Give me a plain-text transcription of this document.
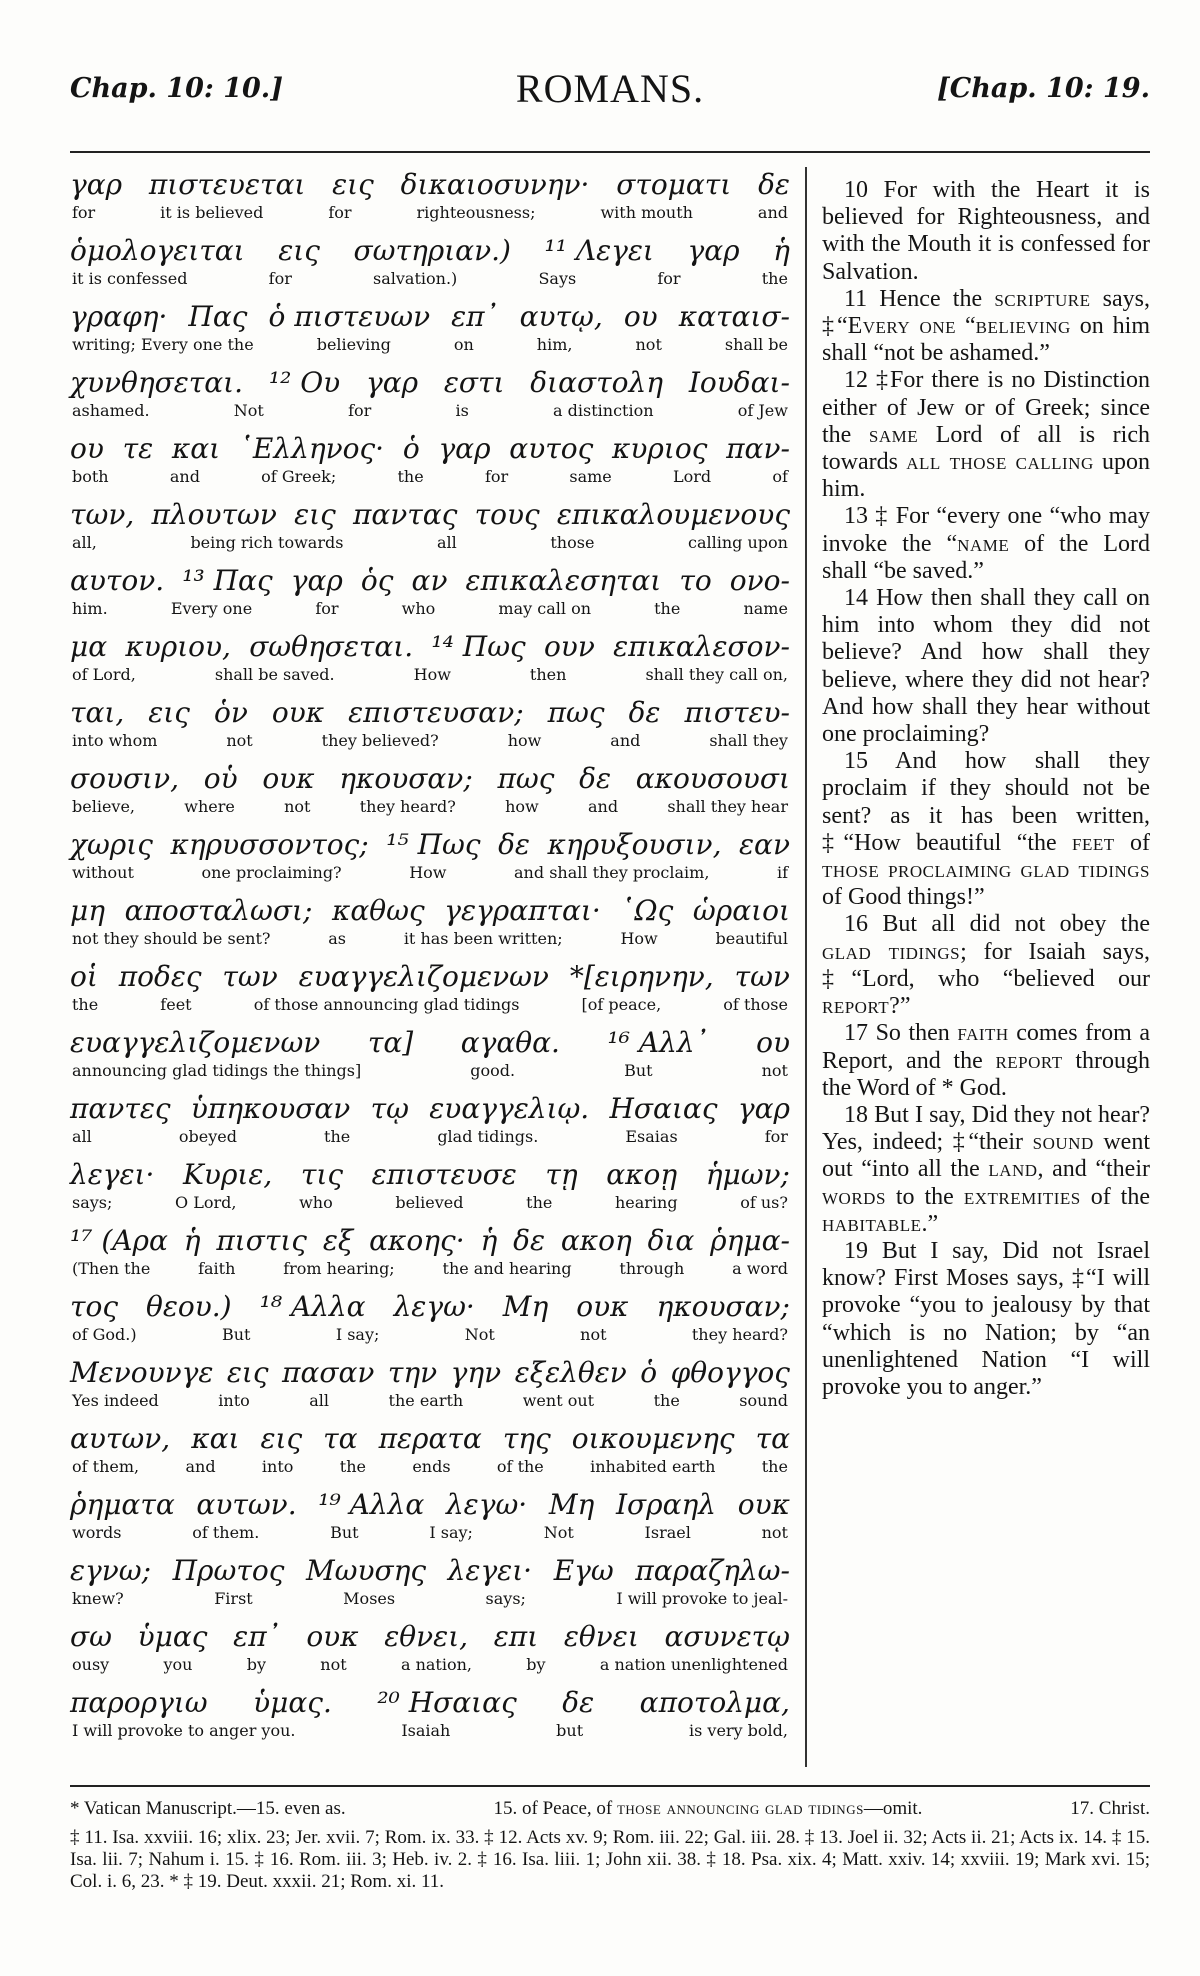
Chap. 10: 10.]	ROMANS.	[Chap. 10: 19.
γαρ πιστευεται εις δικαιοσυνην· στοματι δε
for	it is believed	for	righteousness;	with mouth	and
ὁμολογειται εις σωτηριαν.) ¹¹ Λεγει γαρ ἡ
it is confessed	for	salvation.)	Says	for	the
γραφη· Πας ὁ πιστευων επ᾽ αυτῳ, ου καταισ-
writing; Every one the	believing	on	him,	not	shall be
χυνθησεται. ¹² Ου γαρ εστι διαστολη Ιουδαι-
ashamed.	Not	for	is	a distinction	of Jew
ου τε και ῾Ελληνος· ὁ γαρ αυτος κυριος παν-
both	and	of Greek;	the	for	same	Lord	of
των, πλουτων εις παντας τους επικαλουμενους
all,	being rich towards	all	those	calling upon
αυτον. ¹³ Πας γαρ ὁς αν επικαλεσηται το ονο-
him.	Every one	for	who	may call on	the	name
μα κυριου, σωθησεται. ¹⁴ Πως ουν επικαλεσον-
of Lord,	shall be saved.	How	then	shall they call on,
ται, εις ὁν ουκ επιστευσαν; πως δε πιστευ-
into whom	not	they believed?	how	and	shall they
σουσιν, οὑ ουκ ηκουσαν; πως δε ακουσουσι
believe,	where	not	they heard?	how	and	shall they hear
χωρις κηρυσσοντος; ¹⁵ Πως δε κηρυξουσιν, εαν
without	one proclaiming?	How	and shall they proclaim,	if
μη αποσταλωσι; καθως γεγραπται· ῾Ως ὡραιοι
not they should be sent?	as	it has been written;	How	beautiful
οἱ ποδες των ευαγγελιζομενων *[ειρηνην, των
the	feet	of those announcing glad tidings	[of peace,	of those
ευαγγελιζομενων τα] αγαθα. ¹⁶ Αλλ᾽ ου
announcing glad tidings the things]	good.	But	not
παντες ὑπηκουσαν τῳ ευαγγελιῳ. Ησαιας γαρ
all	obeyed	the	glad tidings.	Esaias	for
λεγει· Κυριε, τις επιστευσε τῃ ακοῃ ἡμων;
says;	O Lord,	who	believed	the	hearing	of us?
¹⁷ (Αρα ἡ πιστις εξ ακοης· ἡ δε ακοη δια ῥημα-
(Then the	faith	from hearing;	the and hearing	through	a word
τος θεου.) ¹⁸ Αλλα λεγω· Μη ουκ ηκουσαν;
of God.)	But	I say;	Not	not	they heard?
Μενουνγε εις πασαν την γην εξελθεν ὁ φθογγος
Yes indeed	into	all	the earth	went out	the	sound
αυτων, και εις τα περατα της οικουμενης τα
of them,	and	into	the	ends	of the	inhabited earth	the
ῥηματα αυτων. ¹⁹ Αλλα λεγω· Μη Ισραηλ ουκ
words	of them.	But	I say;	Not	Israel	not
εγνω; Πρωτος Μωυσης λεγει· Εγω παραζηλω-
knew?	First	Moses	says;	I will provoke to jeal-
σω ὑμας επ᾽ ουκ εθνει, επι εθνει ασυνετῳ
ousy	you	by	not	a nation,	by	a nation unenlightened
παροργιω ὑμας. ²⁰ Ησαιας δε αποτολμα,
I will provoke to anger you.	Isaiah	but	is very bold,

10 For with the Heart it is believed for Righteousness, and with the Mouth it is confessed for Salvation.

11 Hence the scripture says, ‡“Every one “believing on him shall “not be ashamed.”

12 ‡For there is no Distinction either of Jew or of Greek; since the same Lord of all is rich towards all those calling upon him.

13 ‡ For “every one “who may invoke the “name of the Lord shall “be saved.”

14 How then shall they call on him into whom they did not believe? And how shall they believe, where they did not hear? And how shall they hear without one proclaiming?

15 And how shall they proclaim if they should not be sent? as it has been written, ‡“How beautiful “the feet of those proclaiming glad tidings of Good things!”

16 But all did not obey the glad tidings; for Isaiah says, ‡“Lord, who “believed our report?”

17 So then faith comes from a Report, and the report through the Word of * God.

18 But I say, Did they not hear? Yes, indeed; ‡“their sound went out “into all the land, and “their words to the extremities of the habitable.”

19 But I say, Did not Israel know? First Moses says, ‡“I will provoke “you to jealousy by that “which is no Nation; by “an unenlightened Nation “I will provoke you to anger.”

* Vatican Manuscript.—15. even as.	15. of Peace, of those announcing glad tidings—omit.	17. Christ.
‡ 11. Isa. xxviii. 16; xlix. 23; Jer. xvii. 7; Rom. ix. 33. ‡ 12. Acts xv. 9; Rom. iii. 22; Gal. iii. 28. ‡ 13. Joel ii. 32; Acts ii. 21; Acts ix. 14. ‡ 15. Isa. lii. 7; Nahum i. 15. ‡ 16. Rom. iii. 3; Heb. iv. 2. ‡ 16. Isa. liii. 1; John xii. 38. ‡ 18. Psa. xix. 4; Matt. xxiv. 14; xxviii. 19; Mark xvi. 15; Col. i. 6, 23. * ‡ 19. Deut. xxxii. 21; Rom. xi. 11.
